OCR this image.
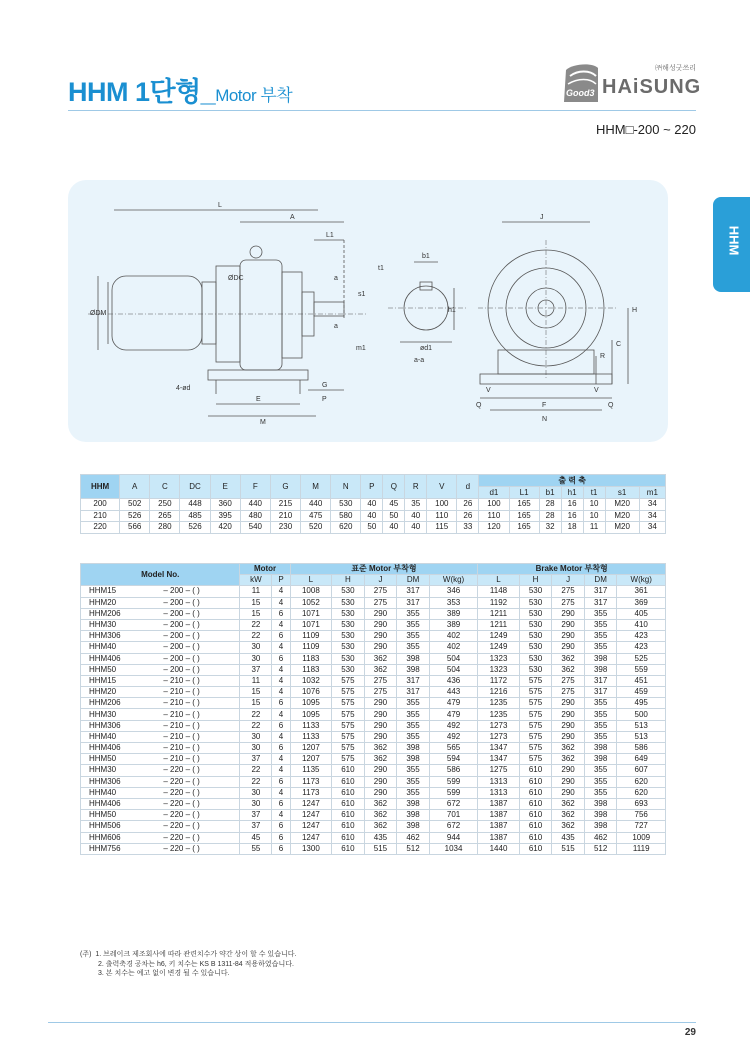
HHM 1단형_Motor 부착
㈜해성굿쓰리
HAiSUNG
Good3
HHM□-200 ~ 220
HHM
L
A
L1
ØDM
ØDC	a
a
t1
s1
m1
4-ød
E
G
P
M
b1
h1
ød1
a-a
J
H
C
R
V	V
Q	Q
F
N
HHM	A	C	DC	E	F	G	M	N	P	Q	R	V	d	출 력 축						
														d1	L1	b1	h1	t1	s1	m1
200	502	250	448	360	440	215	440	530	40	45	35	100	26	100	165	28	16	10	M20	34
210	526	265	485	395	480	210	475	580	40	50	40	110	26	110	165	28	16	10	M20	34
220	566	280	526	420	540	230	520	620	50	40	40	115	33	120	165	32	18	11	M20	34
Model No.		Motor		표준 Motor 부착형					Brake Motor 부착형				
		kW	P	L	H	J	DM	W(kg)	L	H	J	DM	W(kg)
HHM15	– 200 – ( )	11	4	1008	530	275	317	346	1148	530	275	317	361
HHM20	– 200 – ( )	15	4	1052	530	275	317	353	1192	530	275	317	369
HHM206	– 200 – ( )	15	6	1071	530	290	355	389	1211	530	290	355	405
HHM30	– 200 – ( )	22	4	1071	530	290	355	389	1211	530	290	355	410
HHM306	– 200 – ( )	22	6	1109	530	290	355	402	1249	530	290	355	423
HHM40	– 200 – ( )	30	4	1109	530	290	355	402	1249	530	290	355	423
HHM406	– 200 – ( )	30	6	1183	530	362	398	504	1323	530	362	398	525
HHM50	– 200 – ( )	37	4	1183	530	362	398	504	1323	530	362	398	559
HHM15	– 210 – ( )	11	4	1032	575	275	317	436	1172	575	275	317	451
HHM20	– 210 – ( )	15	4	1076	575	275	317	443	1216	575	275	317	459
HHM206	– 210 – ( )	15	6	1095	575	290	355	479	1235	575	290	355	495
HHM30	– 210 – ( )	22	4	1095	575	290	355	479	1235	575	290	355	500
HHM306	– 210 – ( )	22	6	1133	575	290	355	492	1273	575	290	355	513
HHM40	– 210 – ( )	30	4	1133	575	290	355	492	1273	575	290	355	513
HHM406	– 210 – ( )	30	6	1207	575	362	398	565	1347	575	362	398	586
HHM50	– 210 – ( )	37	4	1207	575	362	398	594	1347	575	362	398	649
HHM30	– 220 – ( )	22	4	1135	610	290	355	586	1275	610	290	355	607
HHM306	– 220 – ( )	22	6	1173	610	290	355	599	1313	610	290	355	620
HHM40	– 220 – ( )	30	4	1173	610	290	355	599	1313	610	290	355	620
HHM406	– 220 – ( )	30	6	1247	610	362	398	672	1387	610	362	398	693
HHM50	– 220 – ( )	37	4	1247	610	362	398	701	1387	610	362	398	756
HHM506	– 220 – ( )	37	6	1247	610	362	398	672	1387	610	362	398	727
HHM606	– 220 – ( )	45	6	1247	610	435	462	944	1387	610	435	462	1009
HHM756	– 220 – ( )	55	6	1300	610	515	512	1034	1440	610	515	512	1119
(주) 1. 브레이크 제조회사에 따라 관련치수가 약간 상이 할 수 있습니다.
2. 출력축경 공차는 h6, 키 치수는 KS B 1311-84 적용하였습니다.
3. 본 치수는 예고 없이 변경 될 수 있습니다.
29
